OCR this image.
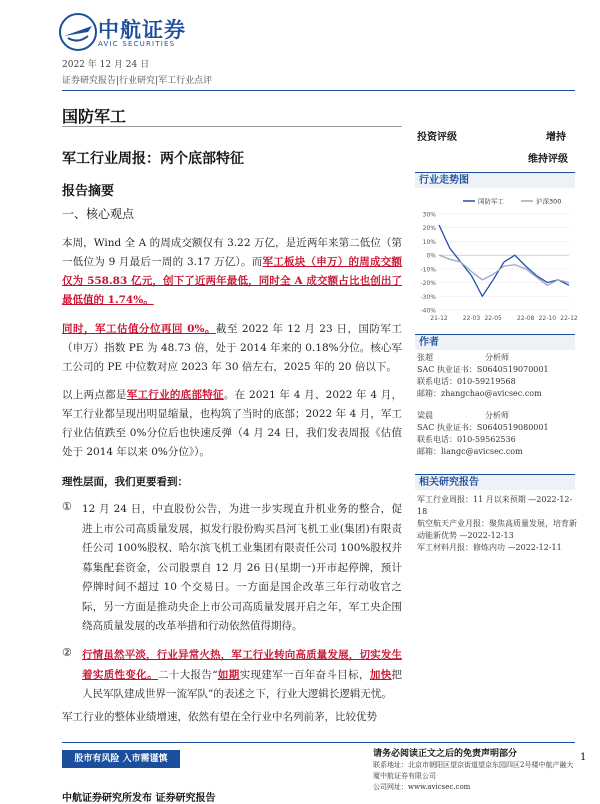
中航证券
AVIC SECURITIES
2022 年 12 月 24 日
证券研究报告|行业研究|军工行业点评
国防军工
投资评级	增持
维持评级
军工行业周报：两个底部特征
报告摘要
一、核心观点
本周，Wind 全 A 的周成交额仅有 3.22 万亿，是近两年来第二低位（第一低位为 9 月最后一周的 3.17 万亿）。而军工板块（申万）的周成交额仅为 558.83 亿元，创下了近两年最低，同时全 A 成交额占比也创出了最低值的 1.74%。
同时，军工估值分位再回 0%。截至 2022 年 12 月 23 日，国防军工（申万）指数 PE 为 48.73 倍，处于 2014 年来的 0.18%分位。核心军工公司的 PE 中位数对应 2023 年 30 倍左右，2025 年的 20 倍以下。
以上两点都是军工行业的底部特征。在 2021 年 4 月、2022 年 4 月，军工行业都呈现出明显缩量，也构筑了当时的底部；2022 年 4 月，军工行业估值跌至 0%分位后也快速反弹（4 月 24 日，我们发表周报《估值处于 2014 年以来 0%分位》）。
理性层面，我们更要看到：
① 12 月 24 日，中直股份公告，为进一步实现直升机业务的整合，促进上市公司高质量发展，拟发行股份购买昌河飞机工业(集团)有限责任公司 100%股权、哈尔滨飞机工业集团有限责任公司 100%股权并募集配套资金，公司股票自 12 月 26 日(星期一)开市起停牌，预计停牌时间不超过 10 个交易日。一方面是国企改革三年行动收官之际，另一方面是推动央企上市公司高质量发展开启之年，军工央企围绕高质量发展的改革举措和行动依然值得期待。
② 行情虽然平淡，行业异常火热，军工行业转向高质量发展，切实发生着实质性变化。二十大报告“如期实现建军一百年奋斗目标，加快把人民军队建成世界一流军队”的表述之下，行业大逻辑长逻辑无忧。
军工行业的整体业绩增速，依然有望在全行业中名列前茅，比较优势
行业走势图
30%
20%
10%
0%
-10%
-20%
-30%
-40%
21-12	22-03 22-05	22-08 22-10 22-12
国防军工	沪深300
作者
张超	分析师
SAC 执业证书：S0640519070001
联系电话：010-59219568
邮箱：zhangchao@avicsec.com
梁晨	分析师
SAC 执业证书：S0640519080001
联系电话：010-59562536
邮箱：liangc@avicsec.com
相关研究报告
军工行业周报：11 月以来预期 —2022-12-18
航空航天产业月报：聚焦高质量发展，培育新动能新优势 —2022-12-13
军工材料月报：修炼内功 —2022-12-11
股市有风险 入市需谨慎	请务必阅读正文之后的免责声明部分
联系地址：北京市朝阳区望京街道望京东园四区2号楼中航产融大
厦中航证券有限公司
公司网址：www.avicsec.com
1
中航证券研究所发布 证券研究报告
